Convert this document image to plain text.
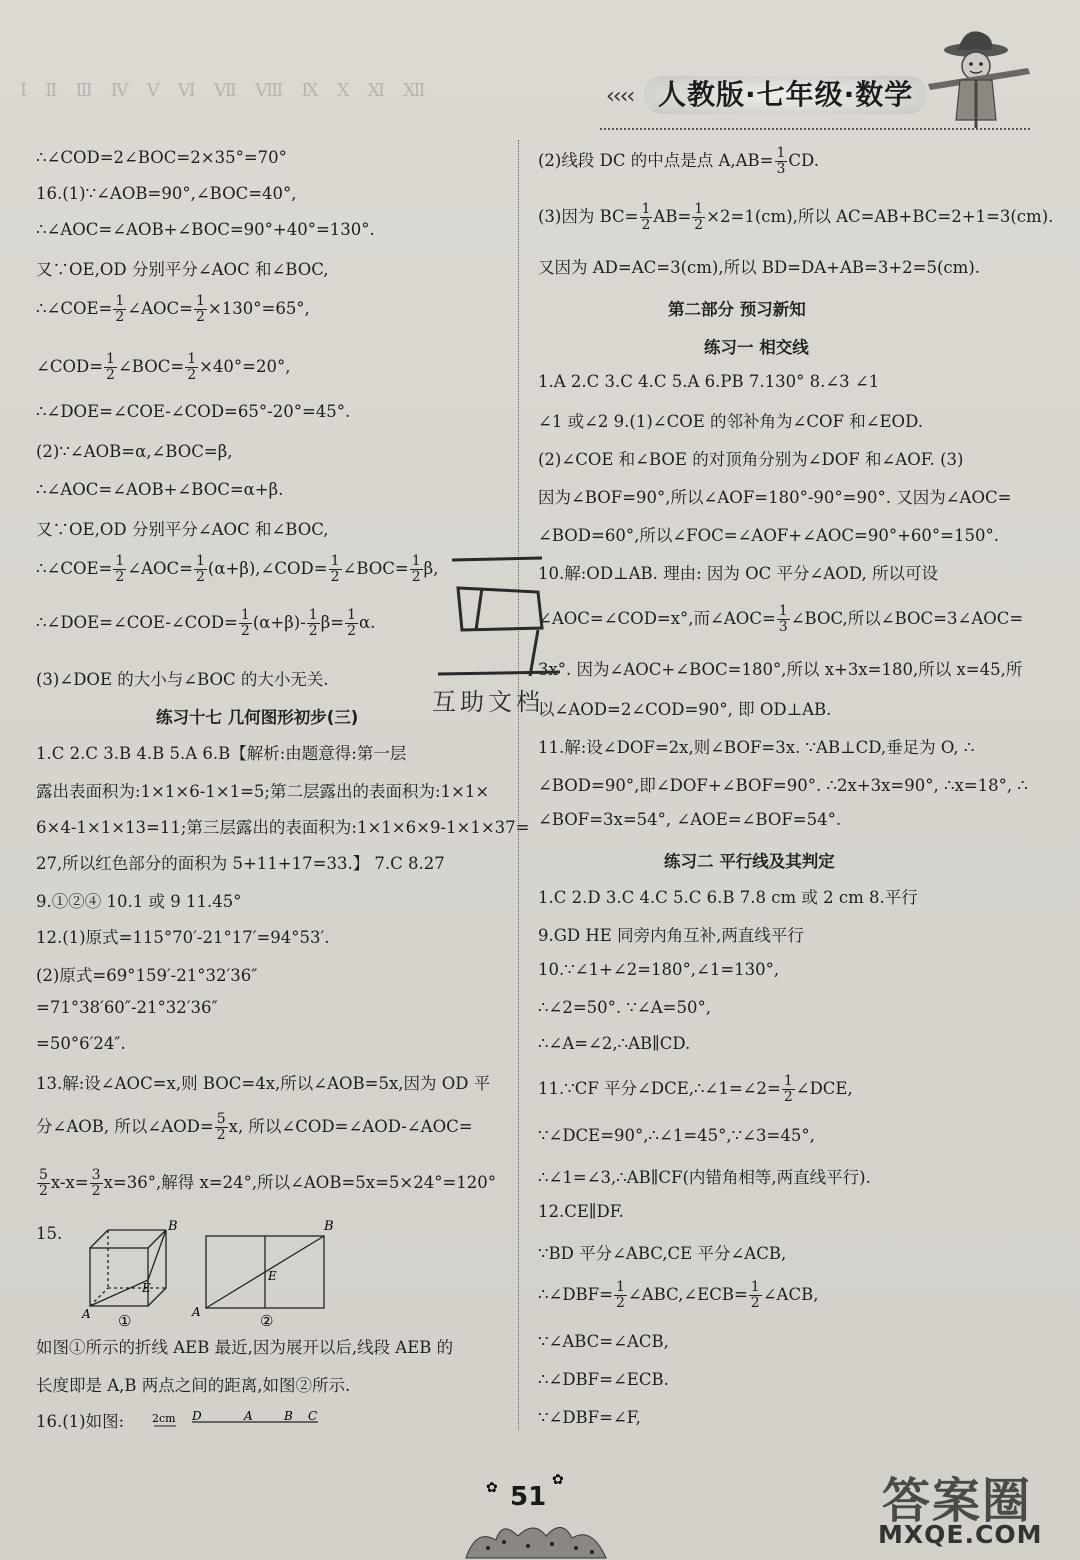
ⅠⅡⅢⅣⅤⅥⅦⅧⅨⅩⅪⅫ	‹‹‹‹ 人教版·七年级·数学
∴∠COD=2∠BOC=2×35°=70°
16.(1)∵∠AOB=90°,∠BOC=40°,
∴∠AOC=∠AOB+∠BOC=90°+40°=130°.
又∵OE,OD 分别平分∠AOC 和∠BOC,
∴∠COE= $\frac{1}{2}$ ∠AOC= $\frac{1}{2} \times 130^\circ=65^\circ$,
∠COD= $\frac{1}{2}$ ∠BOC= $\frac{1}{2} \times 40^\circ=20^\circ$,
∴∠DOE=∠COE-∠COD=65°-20°=45°.
(2)∵∠AOB=α,∠BOC=β,
∴∠AOC=∠AOB+∠BOC=α+β.
又∵OE,OD 分别平分∠AOC 和∠BOC,
∴∠COE= $\frac{1}{2}$ ∠AOC= $\frac{1}{2}$ (α+β),∠COD= $\frac{1}{2}$ ∠BOC= $\frac{1}{2} \beta$,
∴∠DOE=∠COE-∠COD= $\frac{1}{2} (\alpha+\beta)- \frac{1}{2} \beta= \frac{1}{2} \alpha$.
(3)∠DOE 的大小与∠BOC 的大小无关.
练习十七 几何图形初步(三)
1.C 2.C 3.B 4.B 5.A 6.B【解析:由题意得:第一层
露出表面积为:1×1×6-1×1=5;第二层露出的表面积为:1×1×
6×4-1×1×13=11;第三层露出的表面积为:1×1×6×9-1×1×37=
27,所以红色部分的面积为 5+11+17=33.】 7.C 8.27
9.①②④ 10.1 或 9 11.45°
12.(1)原式=115°70′-21°17′=94°53′.
(2)原式=69°159′-21°32′36″
=71°38′60″-21°32′36″
=50°6′24″.
13.解:设∠AOC=x,则 BOC=4x,所以∠AOB=5x,因为 OD 平
分∠AOB, 所以∠AOD= $\frac{5}{2} x$, 所以∠COD=∠AOD-∠AOC=
$\frac{5}{2} x-x= \frac{3}{2} x=36^\circ$,解得 x=24°,所以∠AOB=5x=5×24°=120°
15.
如图①所示的折线 AEB 最近,因为展开以后,线段 AEB 的
长度即是 A,B 两点之间的距离,如图②所示.
16.(1)如图:
B
E
A ①
B
E
A	②
2cm D	A	B C
(2)线段 DC 的中点是点 $A,AB= \frac{1}{3}$ CD.
(3)因为 $BC= \frac{1}{2} AB= \frac{1}{2} \times 2=1(cm)$,所以 AC=AB+BC=2+1=3(cm).
又因为 AD=AC=3(cm),所以 BD=DA+AB=3+2=5(cm).
第二部分 预习新知
练习一 相交线
1.A 2.C 3.C 4.C 5.A 6.PB 7.130° 8.∠3 ∠1
∠1 或∠2 9.(1)∠COE 的邻补角为∠COF 和∠EOD.
(2)∠COE 和∠BOE 的对顶角分别为∠DOF 和∠AOF. (3)
因为∠BOF=90°,所以∠AOF=180°-90°=90°. 又因为∠AOC=
∠BOD=60°,所以∠FOC=∠AOF+∠AOC=90°+60°=150°.
10.解:OD⊥AB. 理由: 因为 OC 平分∠AOD, 所以可设
∠AOC=∠COD=x°,而∠AOC= $\frac{1}{3}$ ∠BOC,所以∠BOC=3∠AOC=
3x°. 因为∠AOC+∠BOC=180°,所以 x+3x=180,所以 x=45,所
以∠AOD=2∠COD=90°, 即 OD⊥AB.
11.解:设∠DOF=2x,则∠BOF=3x. ∵AB⊥CD,垂足为 O, ∴
∠BOD=90°,即∠DOF+∠BOF=90°. ∴2x+3x=90°, ∴x=18°, ∴
∠BOF=3x=54°, ∠AOE=∠BOF=54°.
练习二 平行线及其判定
1.C 2.D 3.C 4.C 5.C 6.B 7.8 cm 或 2 cm 8.平行
9.GD HE 同旁内角互补,两直线平行
10.∵∠1+∠2=180°,∠1=130°,
∴∠2=50°. ∵∠A=50°,
∴∠A=∠2,∴AB∥CD.
11.∵CF 平分∠DCE,∴∠1=∠2= $\frac{1}{2}$ ∠DCE,
∵∠DCE=90°,∴∠1=45°,∵∠3=45°,
∴∠1=∠3,∴AB∥CF(内错角相等,两直线平行).
12.CE∥DF.
∵BD 平分∠ABC,CE 平分∠ACB,
∴∠DBF= $\frac{1}{2}$ ∠ABC,∠ECB= $\frac{1}{2}$ ∠ACB,
∵∠ABC=∠ACB,
∴∠DBF=∠ECB.
∵∠DBF=∠F,
互助文档
✿	✿
51	答案圈
MXQE.COM
